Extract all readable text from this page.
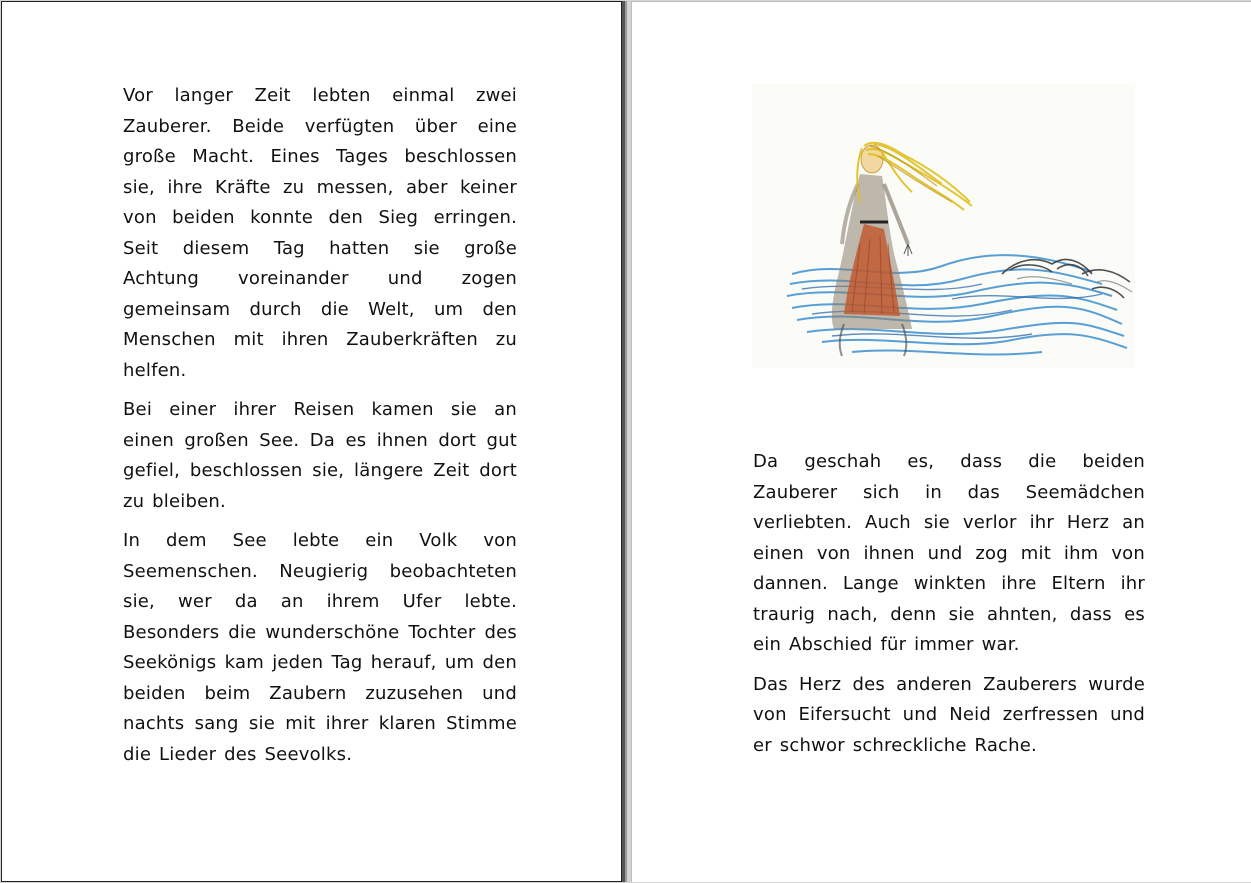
Vor langer Zeit lebten einmal zwei Zauberer. Beide verfügten über eine große Macht. Eines Tages beschlossen sie, ihre Kräfte zu messen, aber keiner von beiden konnte den Sieg erringen. Seit diesem Tag hatten sie große Achtung voreinander und zogen gemeinsam durch die Welt, um den Menschen mit ihren Zauberkräften zu helfen.

Bei einer ihrer Reisen kamen sie an einen großen See. Da es ihnen dort gut gefiel, beschlossen sie, längere Zeit dort zu bleiben.

In dem See lebte ein Volk von Seemenschen. Neugierig beobachteten sie, wer da an ihrem Ufer lebte. Besonders die wunderschöne Tochter des Seekönigs kam jeden Tag herauf, um den beiden beim Zaubern zuzusehen und nachts sang sie mit ihrer klaren Stimme die Lieder des Seevolks.

Da geschah es, dass die beiden Zauberer sich in das Seemädchen verliebten. Auch sie verlor ihr Herz an einen von ihnen und zog mit ihm von dannen. Lange winkten ihre Eltern ihr traurig nach, denn sie ahnten, dass es ein Abschied für immer war.

Das Herz des anderen Zauberers wurde von Eifersucht und Neid zerfressen und er schwor schreckliche Rache.
